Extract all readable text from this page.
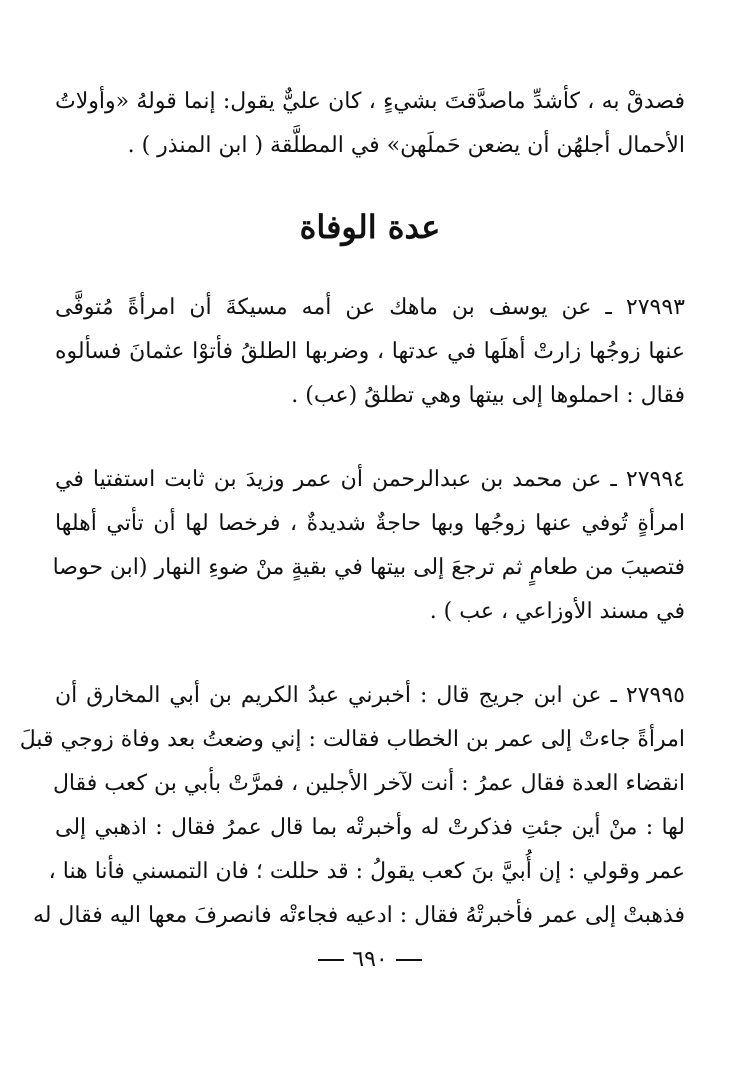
فصدقْ به ، كأشدِّ ماصدَّقتَ بشيءٍ ، كان عليٌّ يقول: إنما قولهُ «وأولاتُ
الأحمال أجلهُن أن يضعن حَملَهن» في المطلَّقة ( ابن المنذر ) .
عدة الوفاة
٢٧٩٩٣ ـ عن يوسف بن ماهك عن أمه مسيكةَ أن امرأةً مُتوفَّى
عنها زوجُها زارتْ أهلَها في عدتها ، وضربها الطلقُ فأتوْا عثمانَ فسألوه
فقال : احملوها إلى بيتها وهي تطلقُ (عب) .
٢٧٩٩٤ ـ عن محمد بن عبدالرحمن أن عمر وزيدَ بن ثابت استفتيا في
امرأةٍ تُوفي عنها زوجُها وبها حاجةٌ شديدةٌ ، فرخصا لها أن تأتي أهلها
فتصيبَ من طعامٍ ثم ترجعَ إلى بيتها في بقيةٍ منْ ضوءِ النهار (ابن حوصا
في مسند الأوزاعي ، عب ) .
٢٧٩٩٥ ـ عن ابن جريج قال : أخبرني عبدُ الكريم بن أبي المخارق أن
امرأةً جاءتْ إلى عمر بن الخطاب فقالت : إني وضعتُ بعد وفاة زوجي قبلَ
انقضاء العدة فقال عمرُ : أنت لآخر الأجلين ، فمرَّتْ بأبي بن كعب فقال
لها : منْ أين جئتِ فذكرتْ له وأخبرتْه بما قال عمرُ فقال : اذهبي إلى
عمر وقولي : إن أُبيَّ بنَ كعب يقولُ : قد حللت ؛ فان التمسني فأنا هنا ،
فذهبتْ إلى عمر فأخبرتْهُ فقال : ادعيه فجاءتْه فانصرفَ معها اليه فقال له
٦٩٠
